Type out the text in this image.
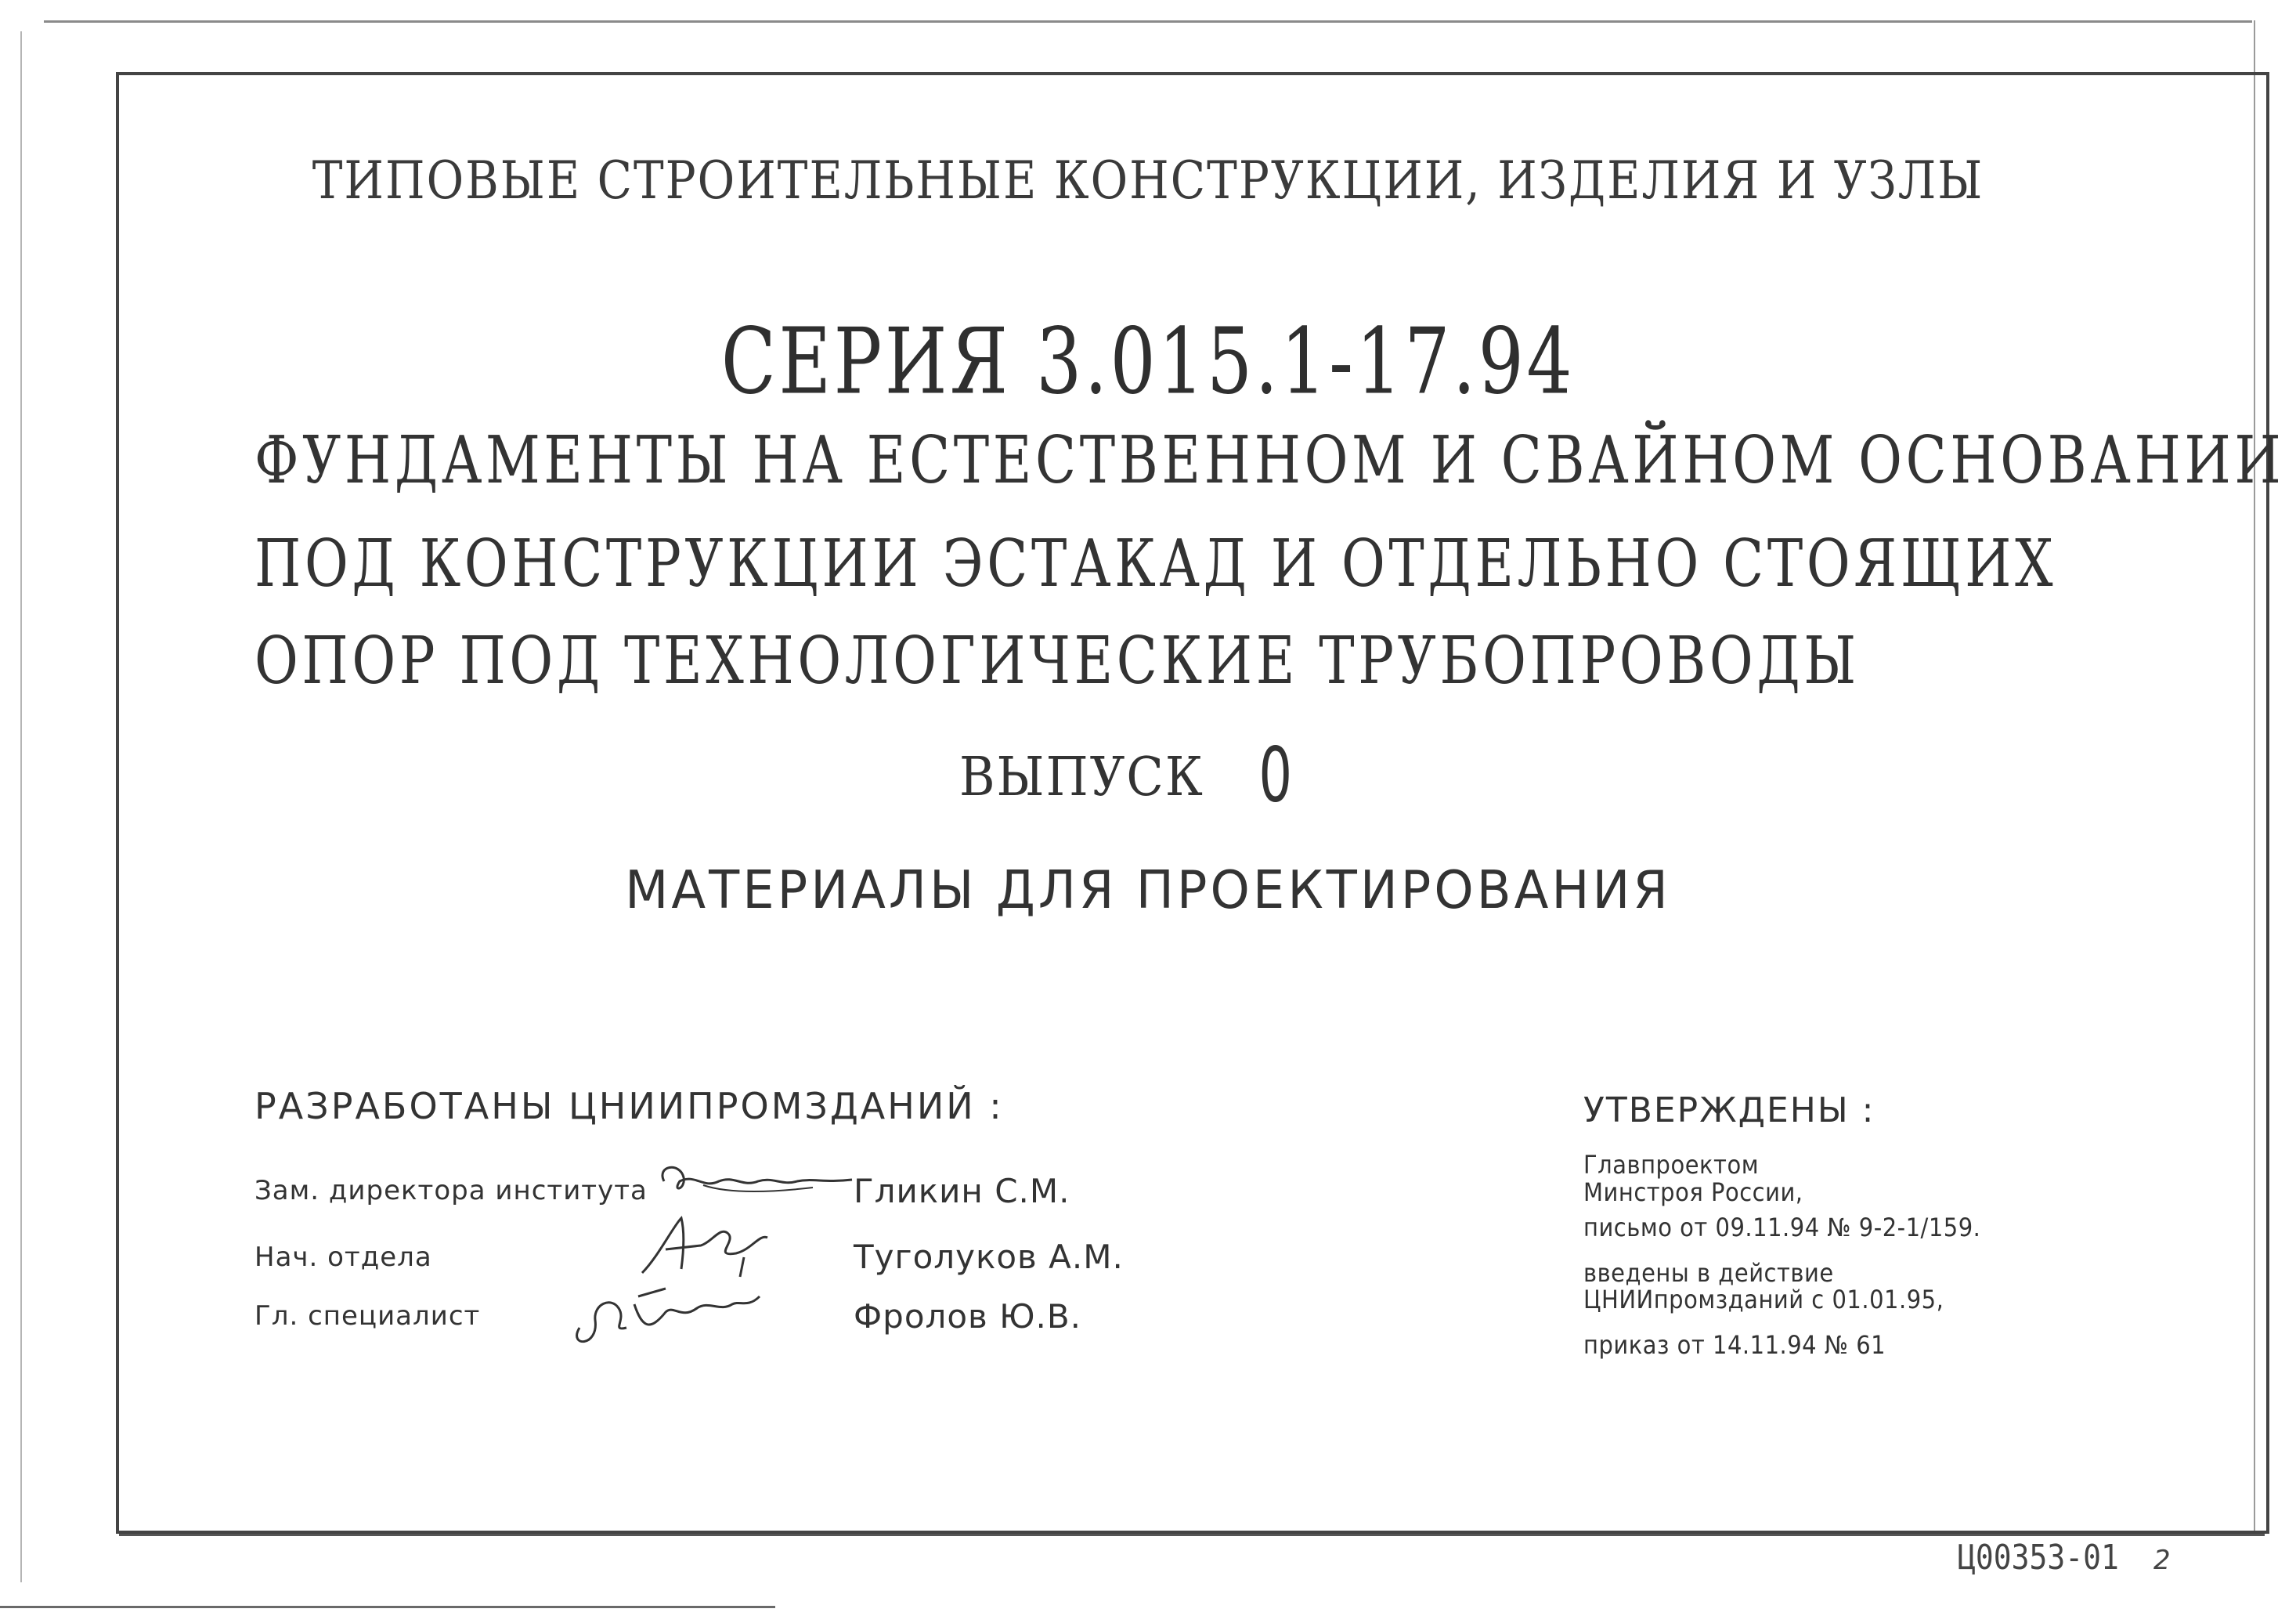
ТИПОВЫЕ СТРОИТЕЛЬНЫЕ КОНСТРУКЦИИ, ИЗДЕЛИЯ И УЗЛЫ

СЕРИЯ 3.015.1-17.94

ФУНДАМЕНТЫ НА ЕСТЕСТВЕННОМ И СВАЙНОМ ОСНОВАНИИ

ПОД КОНСТРУКЦИИ ЭСТАКАД И ОТДЕЛЬНО СТОЯЩИХ

ОПОР ПОД ТЕХНОЛОГИЧЕСКИЕ ТРУБОПРОВОДЫ

ВЫПУСК 0

МАТЕРИАЛЫ ДЛЯ ПРОЕКТИРОВАНИЯ

РАЗРАБОТАНЫ ЦНИИПРОМЗДАНИЙ :

Зам. директора института

Нач. отдела

Гл. специалист

Гликин С.М.

Туголуков А.М.

Фролов Ю.В.

УТВЕРЖДЕНЫ :

Главпроектом

Минстроя России,

письмо от 09.11.94 № 9-2-1/159.

введены в действие

ЦНИИпромзданий с 01.01.95,

приказ от 14.11.94 № 61

Ц00353-01 2
